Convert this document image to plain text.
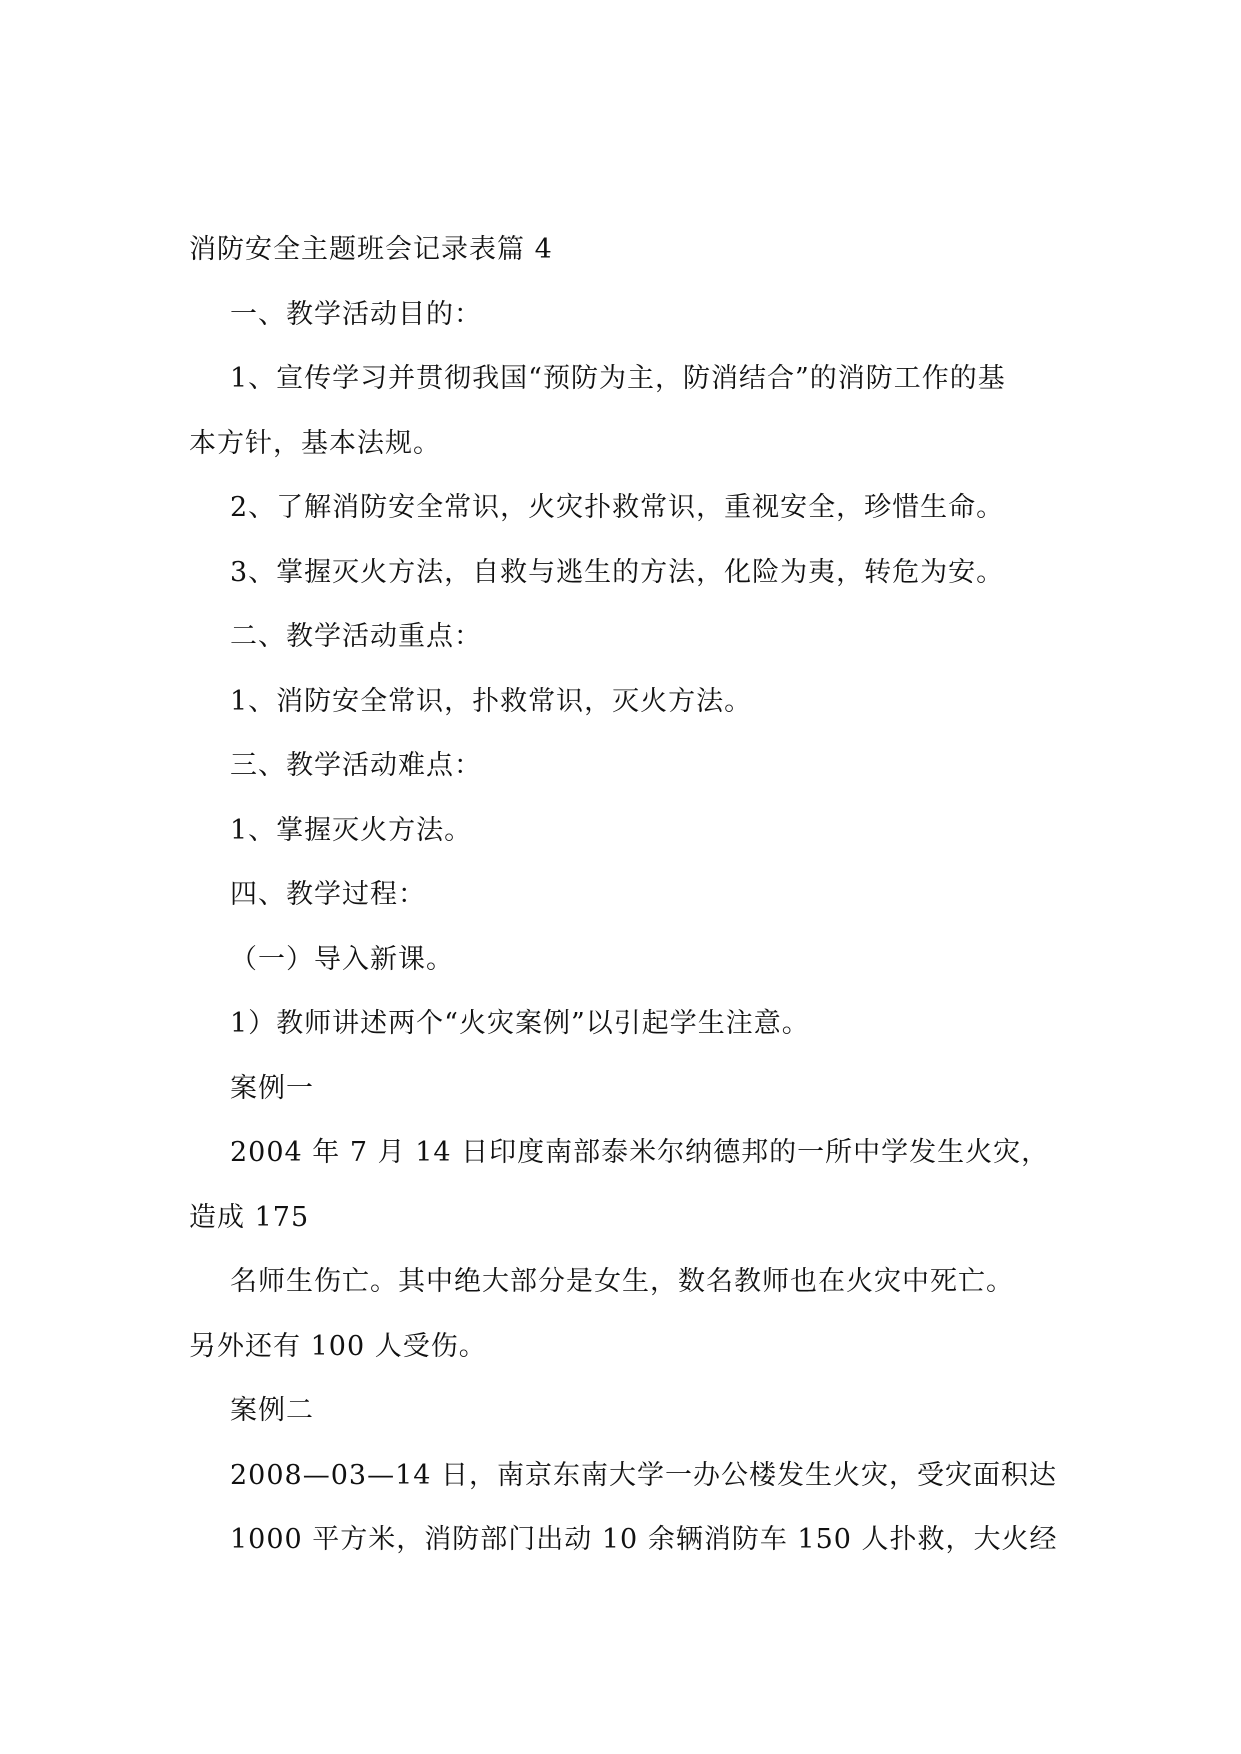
消防安全主题班会记录表篇 4
一、教学活动目的：
1、宣传学习并贯彻我国“预防为主，防消结合”的消防工作的基
本方针，基本法规。
2、了解消防安全常识，火灾扑救常识，重视安全，珍惜生命。
3、掌握灭火方法，自救与逃生的方法，化险为夷，转危为安。
二、教学活动重点：
1、消防安全常识，扑救常识，灭火方法。
三、教学活动难点：
1、掌握灭火方法。
四、教学过程：
（一）导入新课。
1）教师讲述两个“火灾案例”以引起学生注意。
案例一
2004 年 7 月 14 日印度南部泰米尔纳德邦的一所中学发生火灾，
造成 175
名师生伤亡。其中绝大部分是女生，数名教师也在火灾中死亡。
另外还有 100 人受伤。
案例二
2008—03—14 日，南京东南大学一办公楼发生火灾，受灾面积达
1000 平方米，消防部门出动 10 余辆消防车 150 人扑救，大火经
